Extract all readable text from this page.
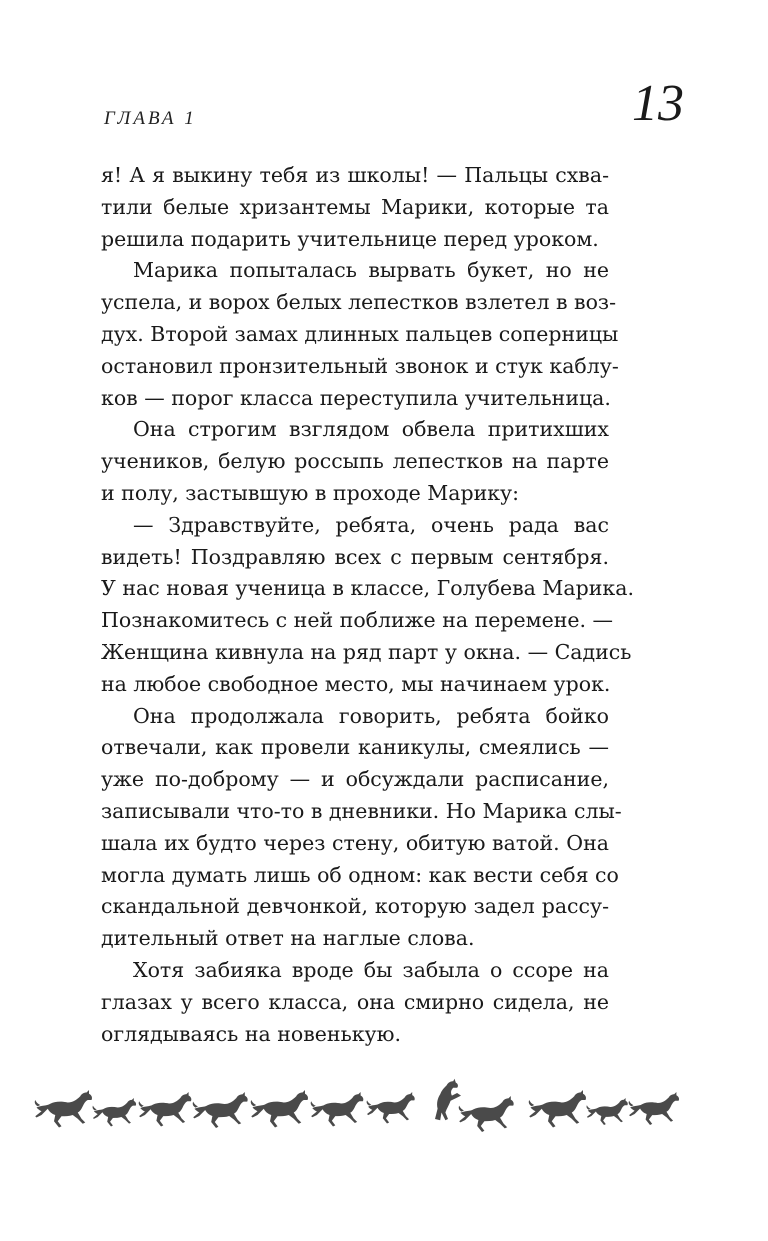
ГЛАВА 1	13
я! А я выкину тебя из школы! — Пальцы схва-
тили белые хризантемы Марики, которые та
решила подарить учительнице перед уроком.
Марика попыталась вырвать букет, но не
успела, и ворох белых лепестков взлетел в воз-
дух. Второй замах длинных пальцев соперницы
остановил пронзительный звонок и стук каблу-
ков — порог класса переступила учительница.
Она строгим взглядом обвела притихших
учеников, белую россыпь лепестков на парте
и полу, застывшую в проходе Марику:
— Здравствуйте, ребята, очень рада вас
видеть! Поздравляю всех с первым сентября.
У нас новая ученица в классе, Голубева Марика.
Познакомитесь с ней поближе на перемене. —
Женщина кивнула на ряд парт у окна. — Садись
на любое свободное место, мы начинаем урок.
Она продолжала говорить, ребята бойко
отвечали, как провели каникулы, смеялись —
уже по-доброму — и обсуждали расписание,
записывали что-то в дневники. Но Марика слы-
шала их будто через стену, обитую ватой. Она
могла думать лишь об одном: как вести себя со
скандальной девчонкой, которую задел рассу-
дительный ответ на наглые слова.
Хотя забияка вроде бы забыла о ссоре на
глазах у всего класса, она смирно сидела, не
оглядываясь на новенькую.
